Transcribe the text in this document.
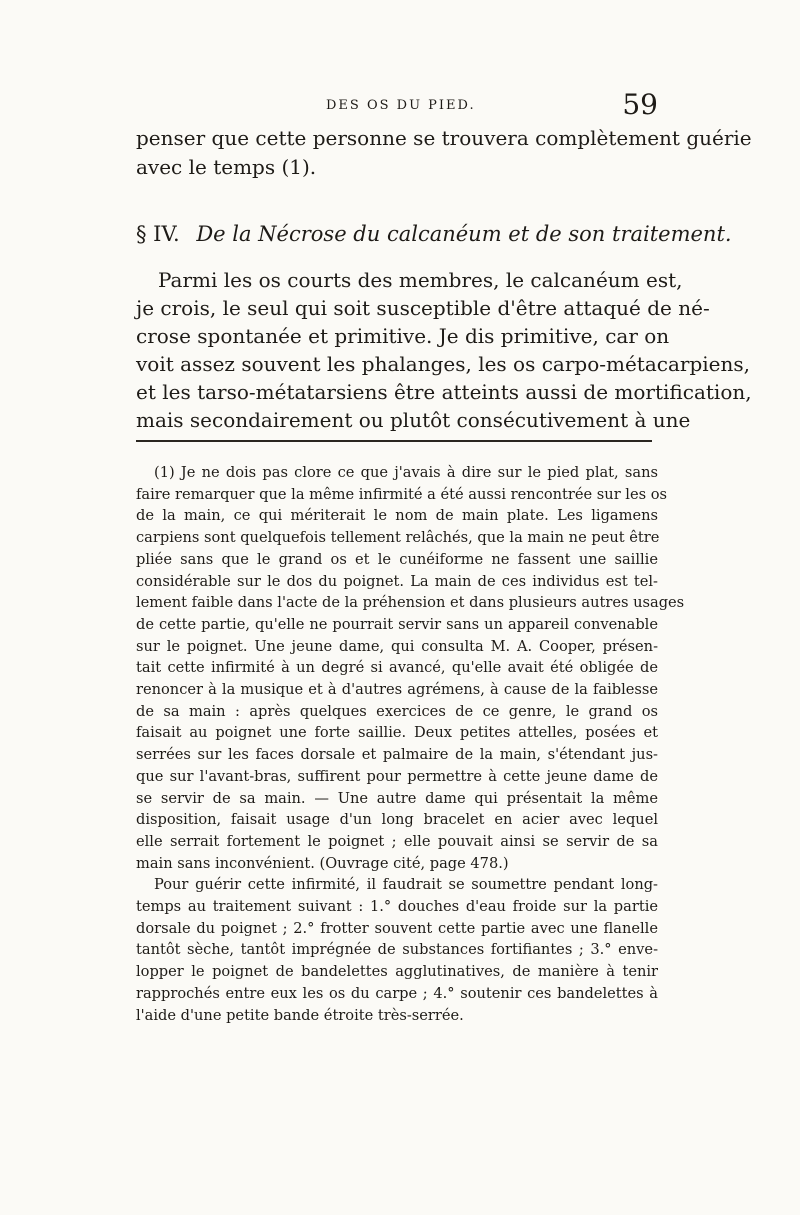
DES OS DU PIED.	59
penser que cette personne se trouvera complètement guérie
avec le temps (1).
§ IV. De la Nécrose du calcanéum et de son traitement.
Parmi les os courts des membres, le calcanéum est,
je crois, le seul qui soit susceptible d'être attaqué de né-
crose spontanée et primitive. Je dis primitive, car on
voit assez souvent les phalanges, les os carpo-métacarpiens,
et les tarso-métatarsiens être atteints aussi de mortification,
mais secondairement ou plutôt consécutivement à une
(1) Je ne dois pas clore ce que j'avais à dire sur le pied plat, sans
faire remarquer que la même infirmité a été aussi rencontrée sur les os
de la main, ce qui mériterait le nom de main plate. Les ligamens
carpiens sont quelquefois tellement relâchés, que la main ne peut être
pliée sans que le grand os et le cunéiforme ne fassent une saillie
considérable sur le dos du poignet. La main de ces individus est tel-
lement faible dans l'acte de la préhension et dans plusieurs autres usages
de cette partie, qu'elle ne pourrait servir sans un appareil convenable
sur le poignet. Une jeune dame, qui consulta M. A. Cooper, présen-
tait cette infirmité à un degré si avancé, qu'elle avait été obligée de
renoncer à la musique et à d'autres agrémens, à cause de la faiblesse
de sa main : après quelques exercices de ce genre, le grand os
faisait au poignet une forte saillie. Deux petites attelles, posées et
serrées sur les faces dorsale et palmaire de la main, s'étendant jus-
que sur l'avant-bras, suffirent pour permettre à cette jeune dame de
se servir de sa main. — Une autre dame qui présentait la même
disposition, faisait usage d'un long bracelet en acier avec lequel
elle serrait fortement le poignet ; elle pouvait ainsi se servir de sa
main sans inconvénient. (Ouvrage cité, page 478.)
Pour guérir cette infirmité, il faudrait se soumettre pendant long-
temps au traitement suivant : 1.° douches d'eau froide sur la partie
dorsale du poignet ; 2.° frotter souvent cette partie avec une flanelle
tantôt sèche, tantôt imprégnée de substances fortifiantes ; 3.° enve-
lopper le poignet de bandelettes agglutinatives, de manière à tenir
rapprochés entre eux les os du carpe ; 4.° soutenir ces bandelettes à
l'aide d'une petite bande étroite très-serrée.
